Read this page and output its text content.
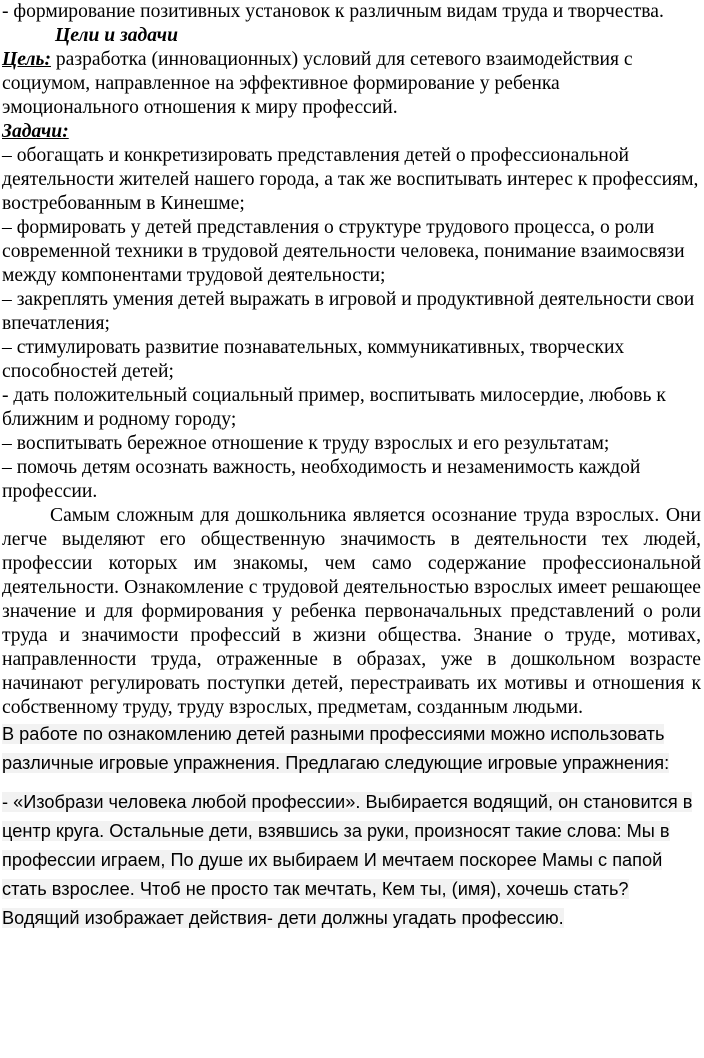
- формирование позитивных установок к различным видам труда и творчества.

Цели и задачи

Цель: разработка (инновационных) условий для сетевого взаимодействия с социумом, направленное на эффективное формирование у ребенка эмоционального отношения к миру профессий.

Задачи:

– обогащать и конкретизировать представления детей о профессиональной деятельности жителей нашего города, а так же воспитывать интерес к профессиям, востребованным в Кинешме;

– формировать у детей представления о структуре трудового процесса, о роли современной техники в трудовой деятельности человека, понимание взаимосвязи между компонентами трудовой деятельности;

– закреплять умения детей выражать в игровой и продуктивной деятельности свои впечатления;

– стимулировать развитие познавательных, коммуникативных, творческих способностей детей;

- дать положительный социальный пример, воспитывать милосердие, любовь к ближним и родному городу;

– воспитывать бережное отношение к труду взрослых и его результатам;

– помочь детям осознать важность, необходимость и незаменимость каждой профессии.

Самым сложным для дошкольника является осознание труда взрослых. Они легче выделяют его общественную значимость в деятельности тех людей, профессии которых им знакомы, чем само содержание профессиональной деятельности. Ознакомление с трудовой деятельностью взрослых имеет решающее значение и для формирования у ребенка первоначальных представлений о роли труда и значимости профессий в жизни общества. Знание о труде, мотивах, направленности труда, отраженные в образах, уже в дошкольном возрасте начинают регулировать поступки детей, перестраивать их мотивы и отношения к собственному труду, труду взрослых, предметам, созданным людьми.

В работе по ознакомлению детей разными профессиями можно использовать различные игровые упражнения. Предлагаю следующие игровые упражнения:

- «Изобрази человека любой профессии». Выбирается водящий, он становится в центр круга. Остальные дети, взявшись за руки, произносят такие слова: Мы в профессии играем, По душе их выбираем И мечтаем поскорее Мамы с папой стать взрослее. Чтоб не просто так мечтать, Кем ты, (имя), хочешь стать? Водящий изображает действия- дети должны угадать профессию.
